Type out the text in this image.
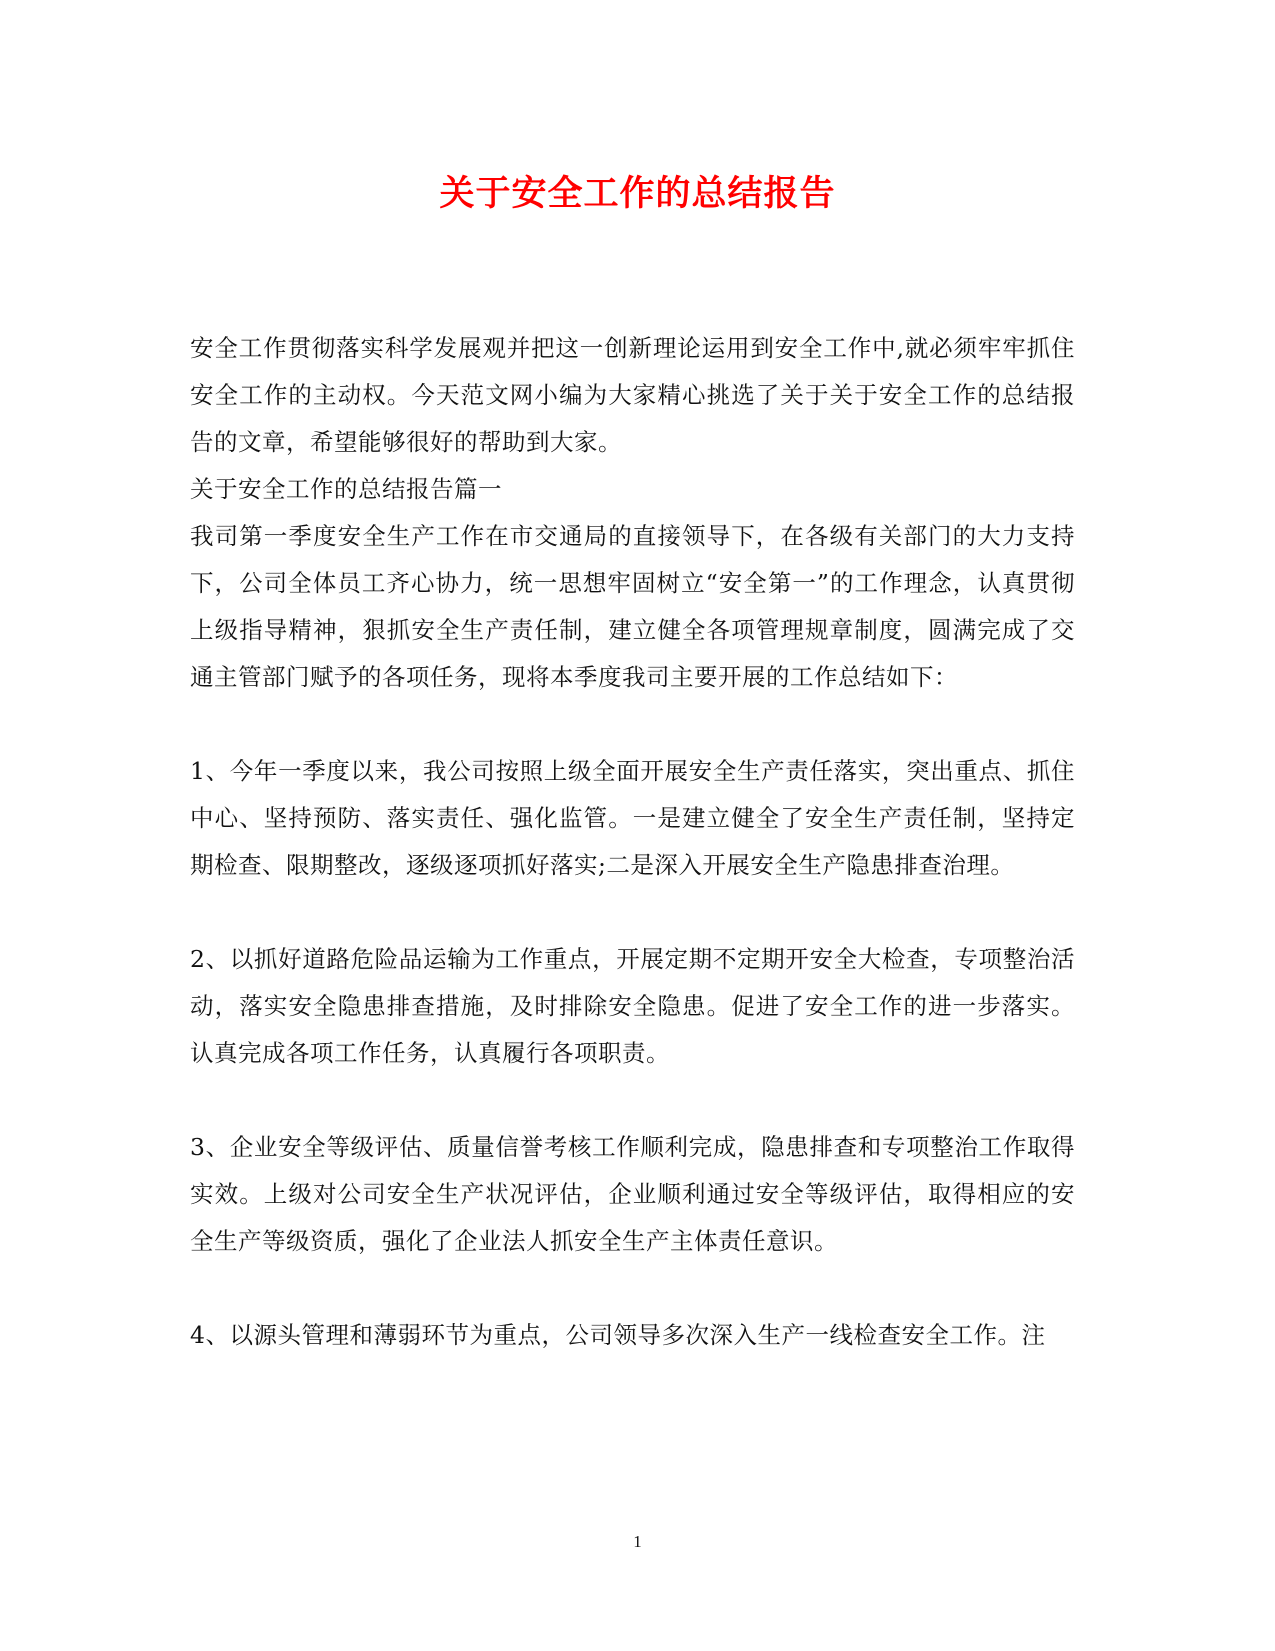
关于安全工作的总结报告

安全工作贯彻落实科学发展观并把这一创新理论运用到安全工作中,就必须牢牢抓住安全工作的主动权。今天范文网小编为大家精心挑选了关于关于安全工作的总结报告的文章，希望能够很好的帮助到大家。

关于安全工作的总结报告篇一

我司第一季度安全生产工作在市交通局的直接领导下，在各级有关部门的大力支持下，公司全体员工齐心协力，统一思想牢固树立“安全第一”的工作理念，认真贯彻上级指导精神，狠抓安全生产责任制，建立健全各项管理规章制度，圆满完成了交通主管部门赋予的各项任务，现将本季度我司主要开展的工作总结如下：

1、今年一季度以来，我公司按照上级全面开展安全生产责任落实，突出重点、抓住中心、坚持预防、落实责任、强化监管。一是建立健全了安全生产责任制，坚持定期检查、限期整改，逐级逐项抓好落实;二是深入开展安全生产隐患排查治理。

2、以抓好道路危险品运输为工作重点，开展定期不定期开安全大检查，专项整治活动，落实安全隐患排查措施，及时排除安全隐患。促进了安全工作的进一步落实。认真完成各项工作任务，认真履行各项职责。

3、企业安全等级评估、质量信誉考核工作顺利完成，隐患排查和专项整治工作取得实效。上级对公司安全生产状况评估，企业顺利通过安全等级评估，取得相应的安全生产等级资质，强化了企业法人抓安全生产主体责任意识。

4、以源头管理和薄弱环节为重点，公司领导多次深入生产一线检查安全工作。注

1
